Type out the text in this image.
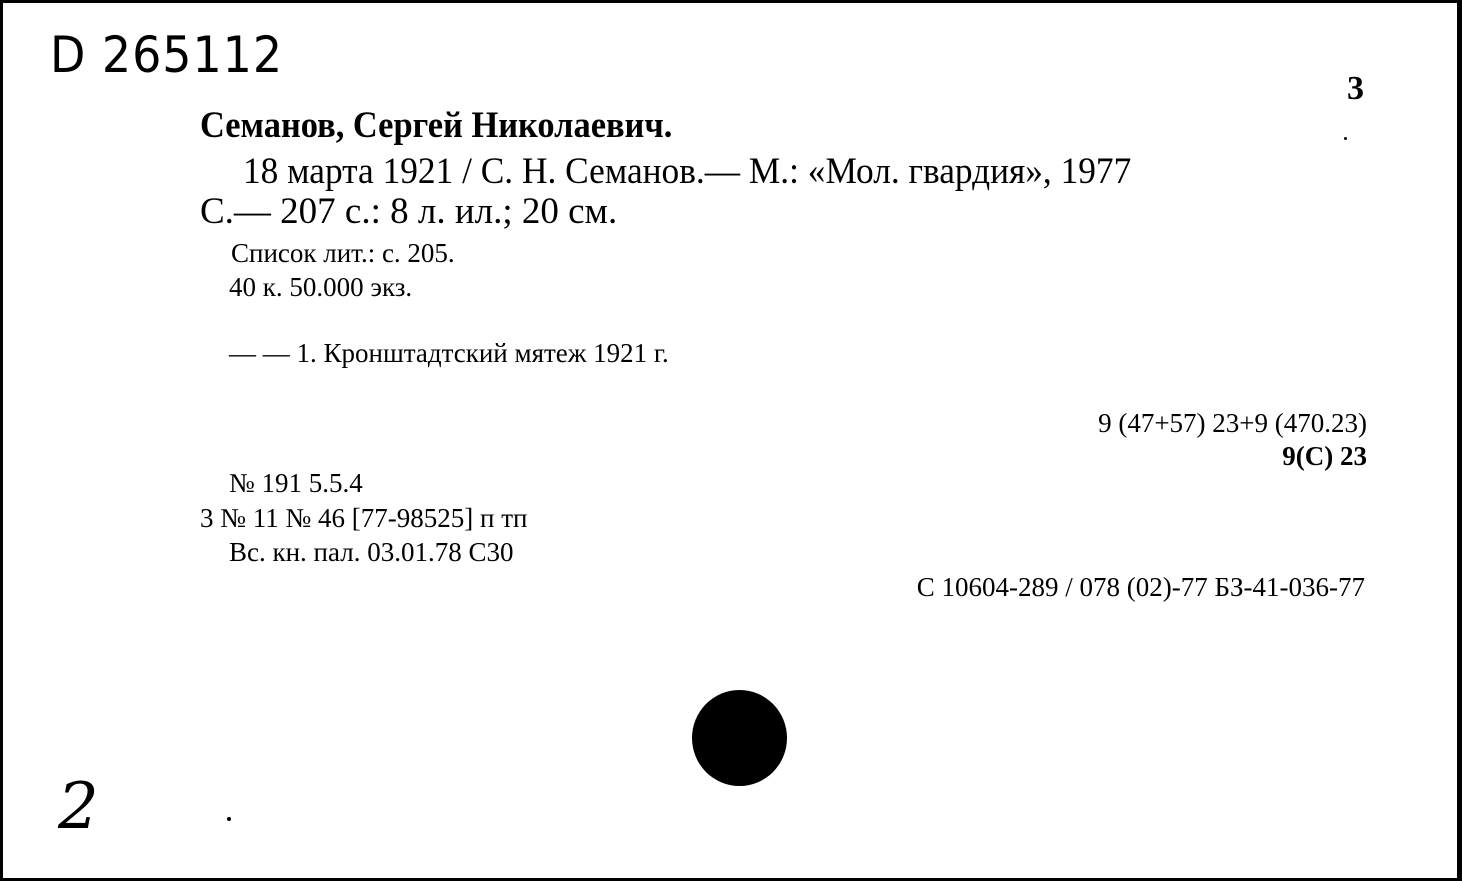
D 265112
3
Семанов, Сергей Николаевич.
18 марта 1921 / С. Н. Семанов.— М.: «Мол. гвардия», 1977
С.— 207 с.: 8 л. ил.; 20 см.
Список лит.: с. 205.
40 к. 50.000 экз.
— — 1. Кронштадтский мятеж 1921 г.
9 (47+57) 23+9 (470.23)
9(С) 23
№ 191 5.5.4
3 № 11 № 46 [77-98525] п тп
Вс. кн. пал. 03.01.78 С30
С 10604-289 / 078 (02)-77 БЗ-41-036-77
2
